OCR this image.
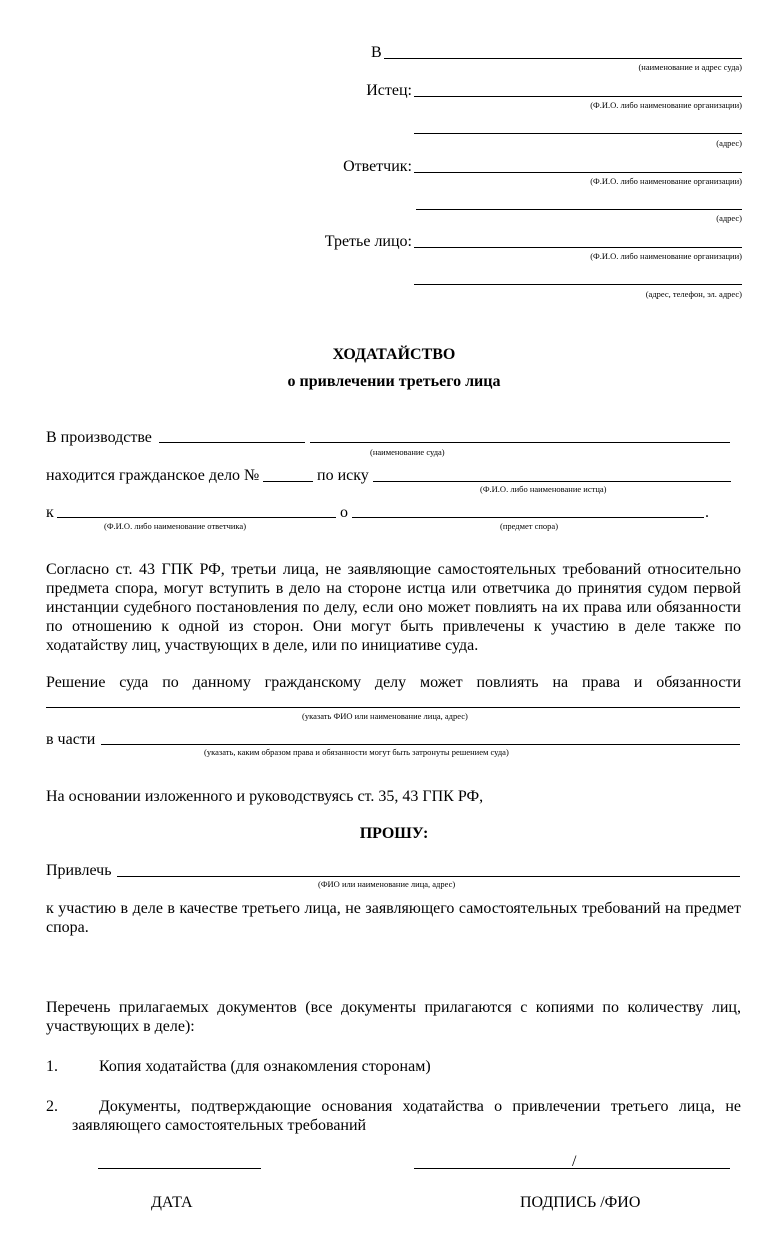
В
(наименование и адрес суда)
Истец:
(Ф.И.О. либо наименование организации)
(адрес)
Ответчик:
(Ф.И.О. либо наименование организации)
(адрес)
Третье лицо:
(Ф.И.О. либо наименование организации)
(адрес, телефон, эл. адрес)
ХОДАТАЙСТВО
о привлечении третьего лица
В производстве
(наименование суда)
находится гражданское дело №	по иску
(Ф.И.О. либо наименование истца)
к
(Ф.И.О. либо наименование ответчика)
о	.
(предмет спора)
Согласно ст. 43 ГПК РФ, третьи лица, не заявляющие самостоятельных требований относительно предмета спора, могут вступить в дело на стороне истца или ответчика до принятия судом первой инстанции судебного постановления по делу, если оно может повлиять на их права или обязанности по отношению к одной из сторон. Они могут быть привлечены к участию в деле также по ходатайству лиц, участвующих в деле, или по инициативе суда.
Решение суда по данному гражданскому делу может повлиять на права и обязанности
(указать ФИО или наименование лица, адрес)
в части
(указать, каким образом права и обязанности могут быть затронуты решением суда)
На основании изложенного и руководствуясь ст. 35, 43 ГПК РФ,
ПРОШУ:
Привлечь
(ФИО или наименование лица, адрес)
к участию в деле в качестве третьего лица, не заявляющего самостоятельных требований на предмет спора.
Перечень прилагаемых документов (все документы прилагаются с копиями по количеству лиц, участвующих в деле):
1.	Копия ходатайства (для ознакомления сторонам)
2.	Документы, подтверждающие основания ходатайства о привлечении третьего лица, не
заявляющего самостоятельных требований
/
ДАТА	ПОДПИСЬ /ФИО
